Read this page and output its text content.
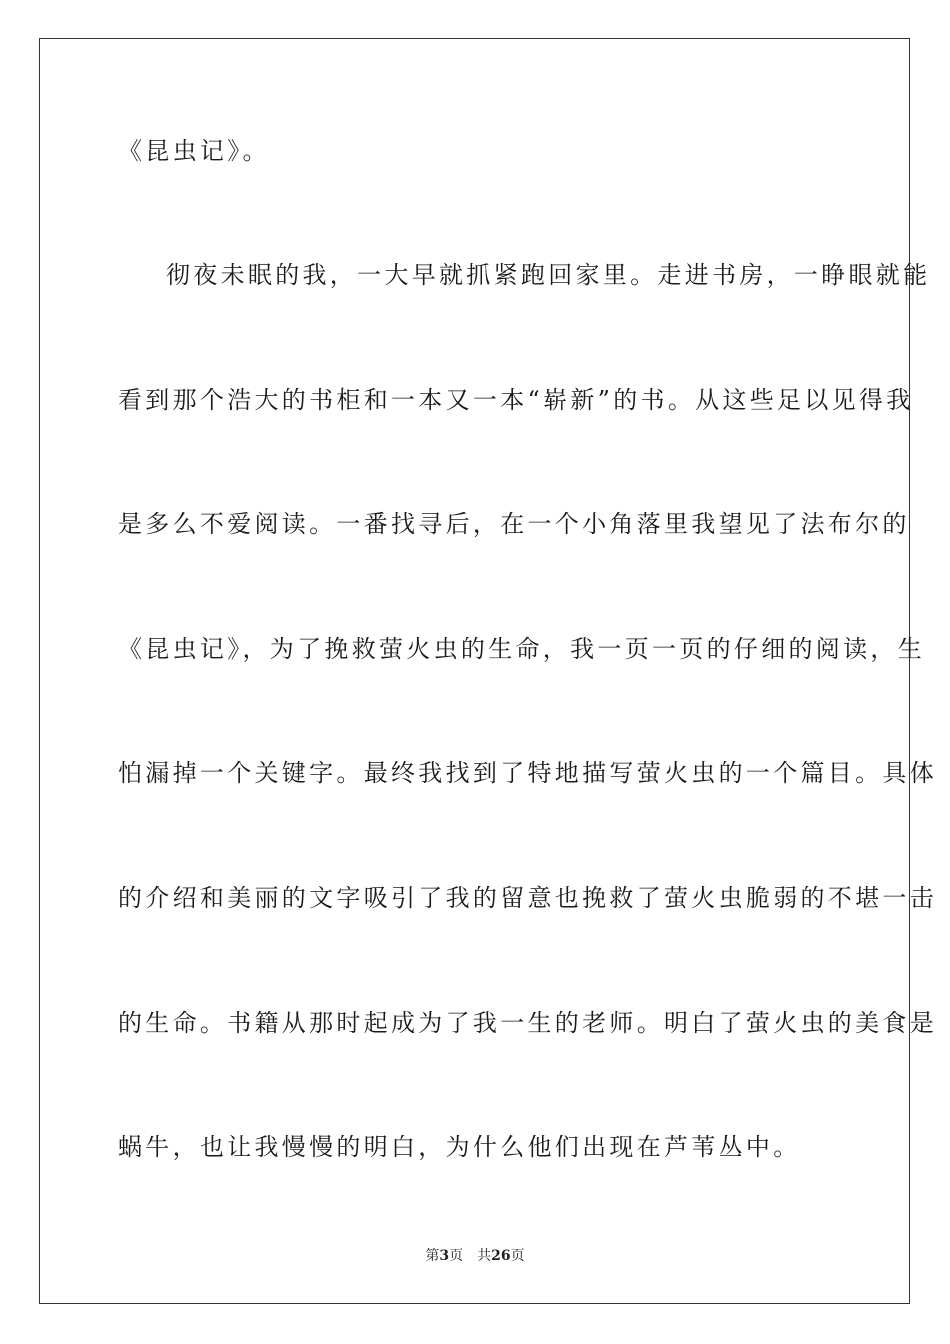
《昆虫记》。
彻夜未眠的我，一大早就抓紧跑回家里。走进书房，一睁眼就能
看到那个浩大的书柜和一本又一本“崭新”的书。从这些足以见得我
是多么不爱阅读。一番找寻后，在一个小角落里我望见了法布尔的
《昆虫记》，为了挽救萤火虫的生命，我一页一页的仔细的阅读，生
怕漏掉一个关键字。最终我找到了特地描写萤火虫的一个篇目。具体
的介绍和美丽的文字吸引了我的留意也挽救了萤火虫脆弱的不堪一击
的生命。书籍从那时起成为了我一生的老师。明白了萤火虫的美食是
蜗牛，也让我慢慢的明白，为什么他们出现在芦苇丛中。
第3页 共26页
